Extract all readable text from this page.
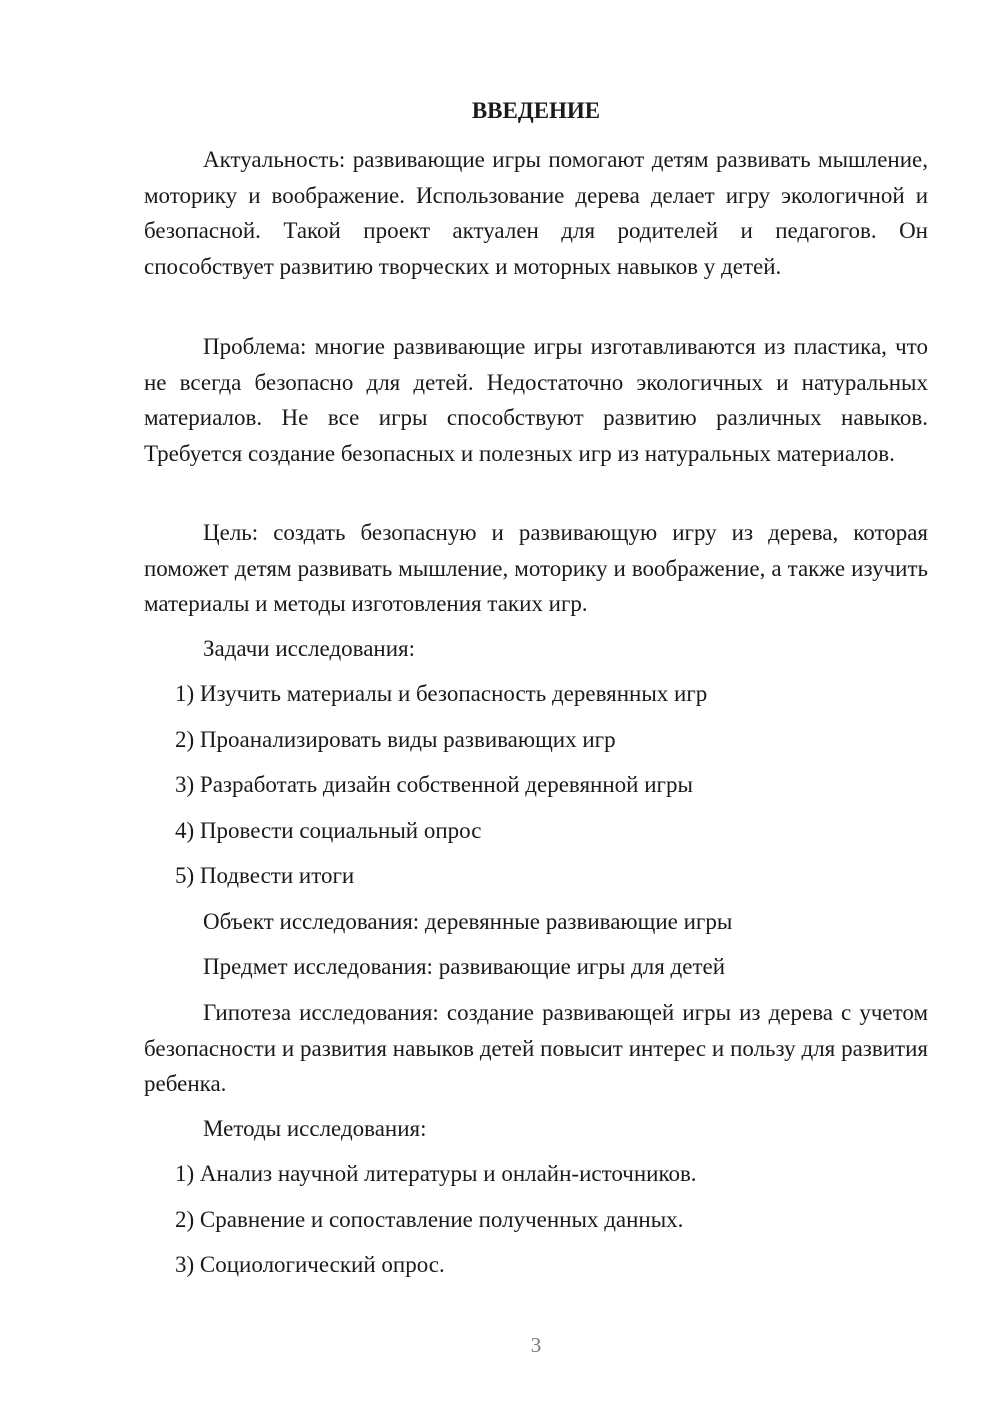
ВВЕДЕНИЕ

Актуальность: развивающие игры помогают детям развивать мышление, моторику и воображение. Использование дерева делает игру экологичной и безопасной. Такой проект актуален для родителей и педагогов. Он способствует развитию творческих и моторных навыков у детей.

Проблема: многие развивающие игры изготавливаются из пластика, что не всегда безопасно для детей. Недостаточно экологичных и натуральных материалов. Не все игры способствуют развитию различных навыков. Требуется создание безопасных и полезных игр из натуральных материалов.

Цель: создать безопасную и развивающую игру из дерева, которая поможет детям развивать мышление, моторику и воображение, а также изучить материалы и методы изготовления таких игр.

Задачи исследования:

1) Изучить материалы и безопасность деревянных игр

2) Проанализировать виды развивающих игр

3) Разработать дизайн собственной деревянной игры

4) Провести социальный опрос

5) Подвести итоги

Объект исследования: деревянные развивающие игры

Предмет исследования: развивающие игры для детей

Гипотеза исследования: создание развивающей игры из дерева с учетом безопасности и развития навыков детей повысит интерес и пользу для развития ребенка.

Методы исследования:

1) Анализ научной литературы и онлайн-источников.

2) Сравнение и сопоставление полученных данных.

3) Социологический опрос.

3
